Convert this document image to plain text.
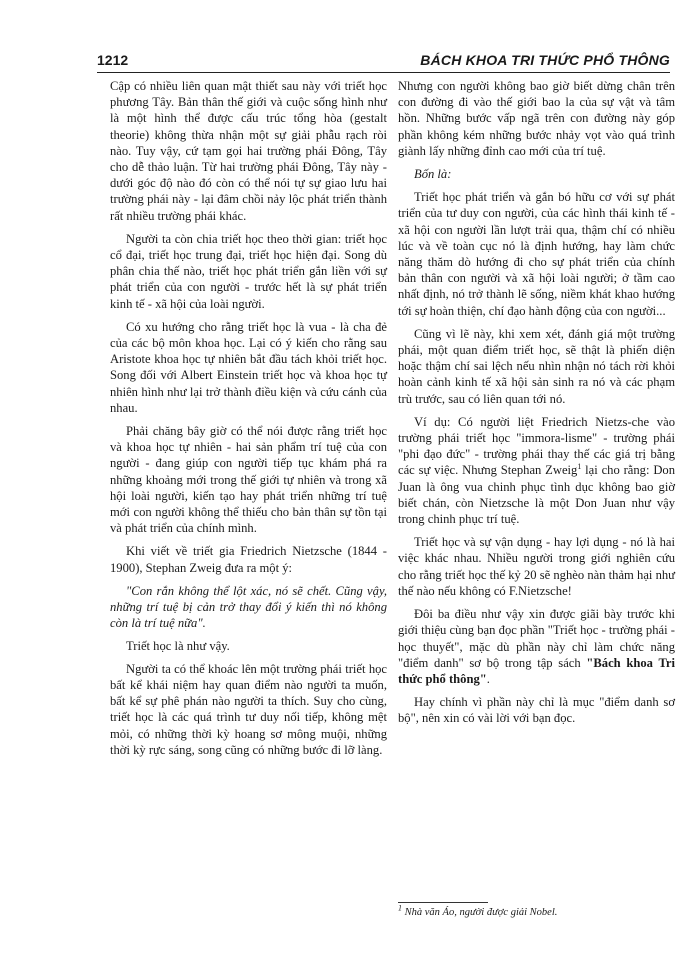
1212	BÁCH KHOA TRI THỨC PHỔ THÔNG

Cập có nhiều liên quan mật thiết sau này với triết học phương Tây. Bản thân thế giới và cuộc sống hình như là một hình thể được cấu trúc tổng hòa (gestalt theorie) không thừa nhận một sự giải phẫu rạch ròi nào. Tuy vậy, cứ tạm gọi hai trường phái Đông, Tây cho dễ thảo luận. Từ hai trường phái Đông, Tây này - dưới góc độ nào đó còn có thể nói tự sự giao lưu hai trường phái này - lại đâm chồi nảy lộc phát triển thành rất nhiều trường phái khác.

Người ta còn chia triết học theo thời gian: triết học cổ đại, triết học trung đại, triết học hiện đại. Song dù phân chia thế nào, triết học phát triển gắn liền với sự phát triển của con người - trước hết là sự phát triển kinh tế - xã hội của loài người.

Có xu hướng cho rằng triết học là vua - là cha đẻ của các bộ môn khoa học. Lại có ý kiến cho rằng sau Aristote khoa học tự nhiên bắt đầu tách khỏi triết học. Song đối với Albert Einstein triết học và khoa học tự nhiên hình như lại trở thành điều kiện và cứu cánh của nhau.

Phải chăng bây giờ có thể nói được rằng triết học và khoa học tự nhiên - hai sản phẩm trí tuệ của con người - đang giúp con người tiếp tục khám phá ra những khoảng mới trong thế giới tự nhiên và trong xã hội loài người, kiến tạo hay phát triển những trí tuệ mới con người không thể thiếu cho bản thân sự tồn tại và phát triển của chính mình.

Khi viết về triết gia Friedrich Nietzsche (1844 - 1900), Stephan Zweig đưa ra một ý:

"Con rắn không thể lột xác, nó sẽ chết. Cũng vậy, những trí tuệ bị cản trở thay đổi ý kiến thì nó không còn là trí tuệ nữa".

Triết học là như vậy.

Người ta có thể khoác lên một trường phái triết học bất kể khái niệm hay quan điểm nào người ta muốn, bất kể sự phê phán nào người ta thích. Suy cho cùng, triết học là các quá trình tư duy nối tiếp, không mệt mỏi, có những thời kỳ hoang sơ mông muội, những thời kỳ rực sáng, song cũng có những bước đi lỡ làng.

Nhưng con người không bao giờ biết dừng chân trên con đường đi vào thế giới bao la của sự vật và tâm hồn. Những bước vấp ngã trên con đường này góp phần không kém những bước nhảy vọt vào quá trình giành lấy những đỉnh cao mới của trí tuệ.

Bốn là:

Triết học phát triển và gắn bó hữu cơ với sự phát triển của tư duy con người, của các hình thái kinh tế - xã hội con người lần lượt trải qua, thậm chí có nhiều lúc và về toàn cục nó là định hướng, hay làm chức năng thăm dò hướng đi cho sự phát triển của chính bản thân con người và xã hội loài người; ở tầm cao nhất định, nó trở thành lẽ sống, niềm khát khao hướng tới sự hoàn thiện, chí đạo hành động của con người...

Cũng vì lẽ này, khi xem xét, đánh giá một trường phái, một quan điểm triết học, sẽ thật là phiến diện hoặc thậm chí sai lệch nếu nhìn nhận nó tách rời khỏi hoàn cảnh kinh tế xã hội sản sinh ra nó và các phạm trù trước, sau có liên quan tới nó.

Ví dụ: Có người liệt Friedrich Nietzs-che vào trường phái triết học "immora-lisme" - trường phái "phi đạo đức" - trường phái thay thế các giá trị bằng các sự việc. Nhưng Stephan Zweig$^1$ lại cho rằng: Don Juan là ông vua chinh phục tình dục không bao giờ biết chán, còn Nietzsche là một Don Juan như vậy trong chinh phục trí tuệ.

Triết học và sự vận dụng - hay lợi dụng - nó là hai việc khác nhau. Nhiều người trong giới nghiên cứu cho rằng triết học thế kỷ 20 sẽ nghèo nàn thảm hại như thế nào nếu không có F.Nietzsche!

Đôi ba điều như vậy xin được giãi bày trước khi giới thiệu cùng bạn đọc phần "Triết học - trường phái - học thuyết", mặc dù phần này chỉ làm chức năng "điểm danh" sơ bộ trong tập sách "Bách khoa Tri thức phổ thông".

Hay chính vì phần này chỉ là mục "điểm danh sơ bộ", nên xin có vài lời với bạn đọc.

$^1$ Nhà văn Áo, người được giải Nobel.
